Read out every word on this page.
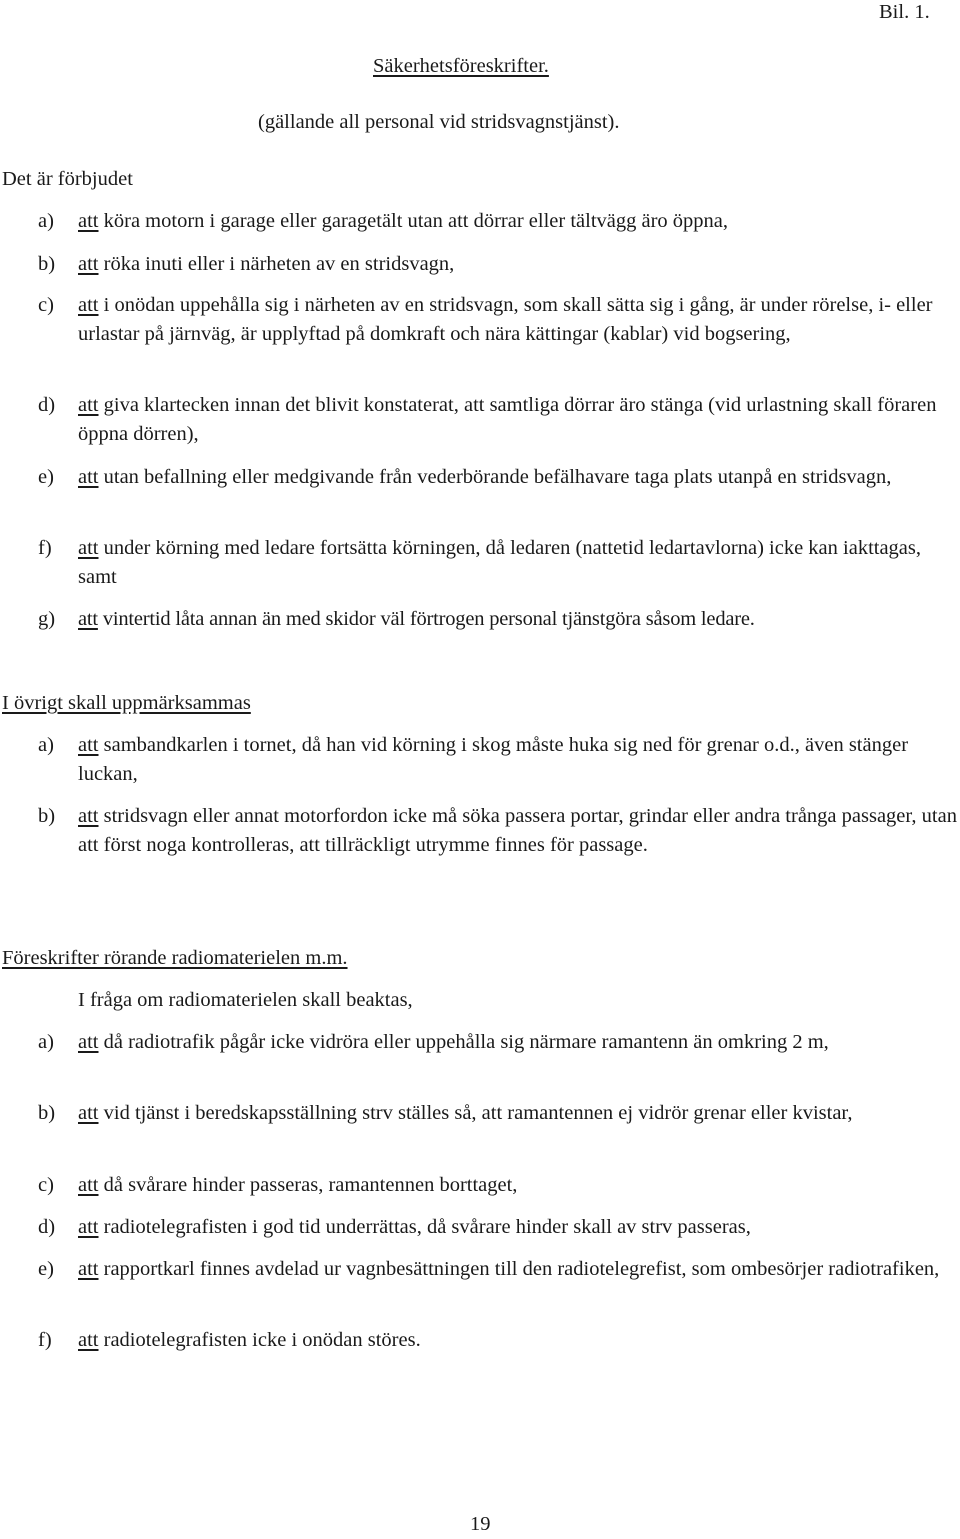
Bil. 1.
Säkerhetsföreskrifter.
(gällande all personal vid stridsvagnstjänst).
Det är förbjudet
a) att köra motorn i garage eller garagetält utan att dörrar eller tältvägg äro öppna,
b) att röka inuti eller i närheten av en stridsvagn,
c) att i onödan uppehålla sig i närheten av en stridsvagn, som skall sätta sig i gång, är under rörelse, i- eller urlastar på järnväg, är upplyftad på domkraft och nära kättingar (kablar) vid bogsering,
d) att giva klartecken innan det blivit konstaterat, att samtliga dörrar äro stänga (vid urlastning skall föraren öppna dörren),
e) att utan befallning eller medgivande från vederbörande befälhavare taga plats utanpå en stridsvagn,
f) att under körning med ledare fortsätta körningen, då ledaren (nattetid ledartavlorna) icke kan iakttagas, samt
g) att vintertid låta annan än med skidor väl förtrogen personal tjänstgöra såsom ledare.
I övrigt skall uppmärksammas
a) att sambandkarlen i tornet, då han vid körning i skog måste huka sig ned för grenar o.d., även stänger luckan,
b) att stridsvagn eller annat motorfordon icke må söka passera portar, grindar eller andra trånga passager, utan att först noga kontrolleras, att tillräckligt utrymme finnes för passage.
Föreskrifter rörande radiomaterielen m.m.
I fråga om radiomaterielen skall beaktas,
a) att då radiotrafik pågår icke vidröra eller uppehålla sig närmare ramantenn än omkring 2 m,
b) att vid tjänst i beredskapsställning strv ställes så, att ramantennen ej vidrör grenar eller kvistar,
c) att då svårare hinder passeras, ramantennen borttaget,
d) att radiotelegrafisten i god tid underrättas, då svårare hinder skall av strv passeras,
e) att rapportkarl finnes avdelad ur vagnbesättningen till den radiotelegrefist, som ombesörjer radiotrafiken,
f) att radiotelegrafisten icke i onödan störes.
19
